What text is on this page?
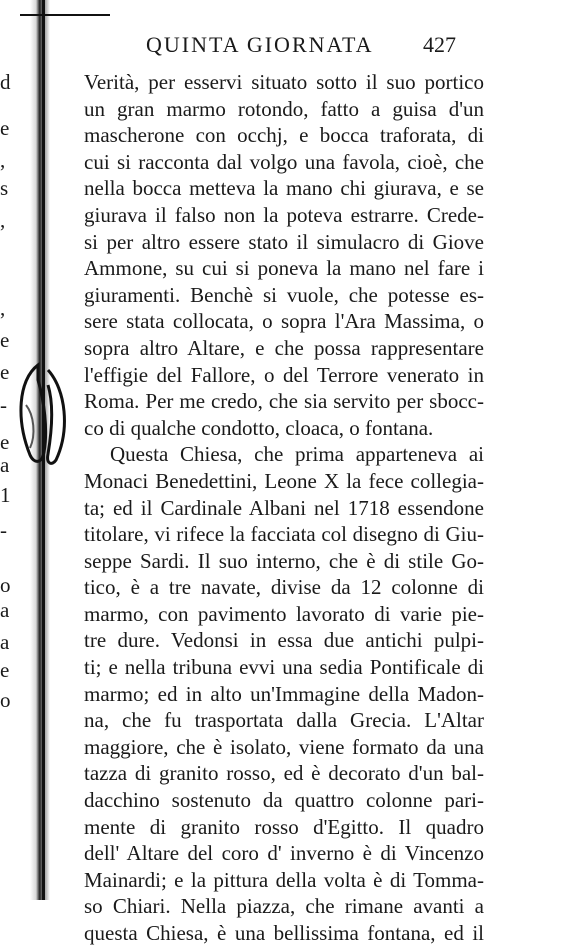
d
e
,
s
,
,
e
e
-
e
a
1
-
o
a
a
e
o
QUINTA GIORNATA	427
Verità, per esservi situato sotto il suo portico
un gran marmo rotondo, fatto a guisa d'un
mascherone con occhj, e bocca traforata, di
cui si racconta dal volgo una favola, cioè, che
nella bocca metteva la mano chi giurava, e se
giurava il falso non la poteva estrarre. Crede-
si per altro essere stato il simulacro di Giove
Ammone, su cui si poneva la mano nel fare i
giuramenti. Benchè si vuole, che potesse es-
sere stata collocata, o sopra l'Ara Massima, o
sopra altro Altare, e che possa rappresentare
l'effigie del Fallore, o del Terrore venerato in
Roma. Per me credo, che sia servito per sbocc-
co di qualche condotto, cloaca, o fontana.
Questa Chiesa, che prima apparteneva ai
Monaci Benedettini, Leone X la fece collegia-
ta; ed il Cardinale Albani nel 1718 essendone
titolare, vi rifece la facciata col disegno di Giu-
seppe Sardi. Il suo interno, che è di stile Go-
tico, è a tre navate, divise da 12 colonne di
marmo, con pavimento lavorato di varie pie-
tre dure. Vedonsi in essa due antichi pulpi-
ti; e nella tribuna evvi una sedia Pontificale di
marmo; ed in alto un'Immagine della Madon-
na, che fu trasportata dalla Grecia. L'Altar
maggiore, che è isolato, viene formato da una
tazza di granito rosso, ed è decorato d'un bal-
dacchino sostenuto da quattro colonne pari-
mente di granito rosso d'Egitto. Il quadro
dell' Altare del coro d' inverno è di Vincenzo
Mainardi; e la pittura della volta è di Tomma-
so Chiari. Nella piazza, che rimane avanti a
questa Chiesa, è una bellissima fontana, ed il
